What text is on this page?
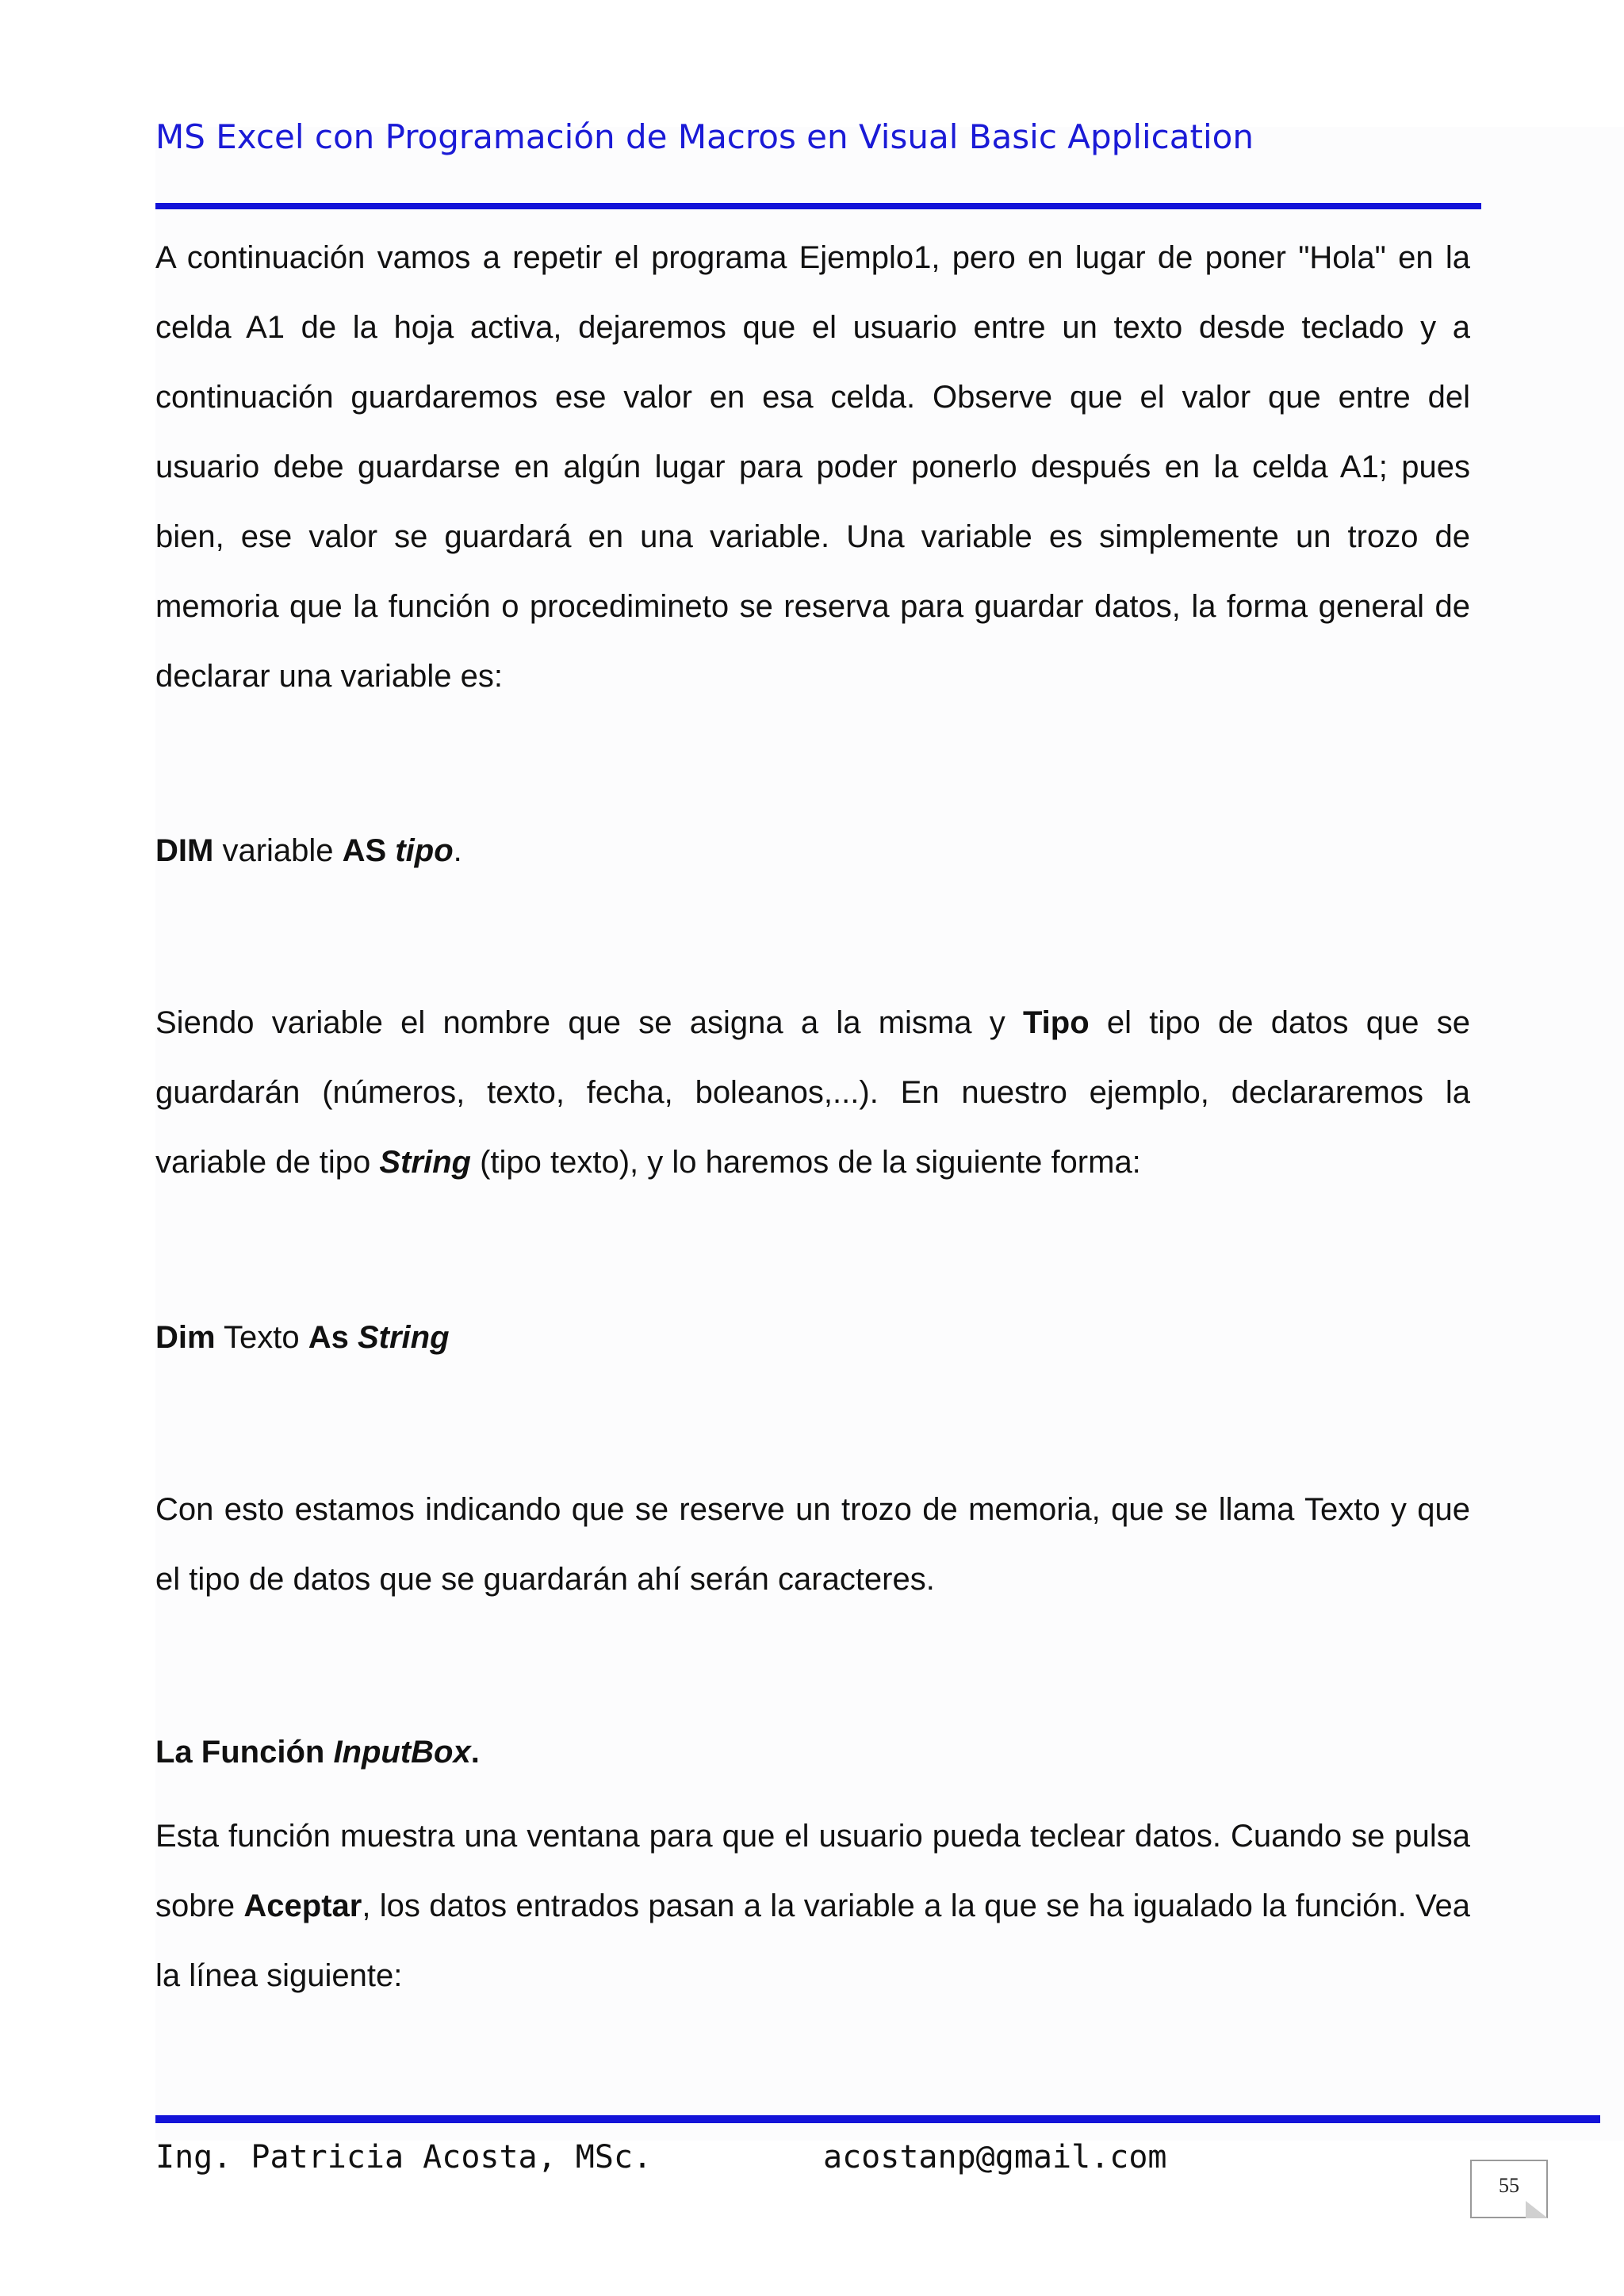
MS Excel con Programación de Macros en Visual Basic Application

A continuación vamos a repetir el programa Ejemplo1, pero en lugar de poner "Hola" en la celda A1 de la hoja activa, dejaremos que el usuario entre un texto desde teclado y a continuación guardaremos ese valor en esa celda. Observe que el valor que entre del usuario debe guardarse en algún lugar para poder ponerlo después en la celda A1; pues bien, ese valor se guardará en una variable. Una variable es simplemente un trozo de memoria que la función o procedimineto se reserva para guardar datos, la forma general de declarar una variable es:

DIM variable AS tipo.

Siendo variable el nombre que se asigna a la misma y Tipo el tipo de datos que se guardarán (números, texto, fecha, boleanos,...). En nuestro ejemplo, declararemos la variable de tipo String (tipo texto), y lo haremos de la siguiente forma:

Dim Texto As String

Con esto estamos indicando que se reserve un trozo de memoria, que se llama Texto y que el tipo de datos que se guardarán ahí serán caracteres.

La Función InputBox.

Esta función muestra una ventana para que el usuario pueda teclear datos. Cuando se pulsa sobre Aceptar, los datos entrados pasan a la variable a la que se ha igualado la función. Vea la línea siguiente:

Ing. Patricia Acosta, MSc.	acostanp@gmail.com
55
